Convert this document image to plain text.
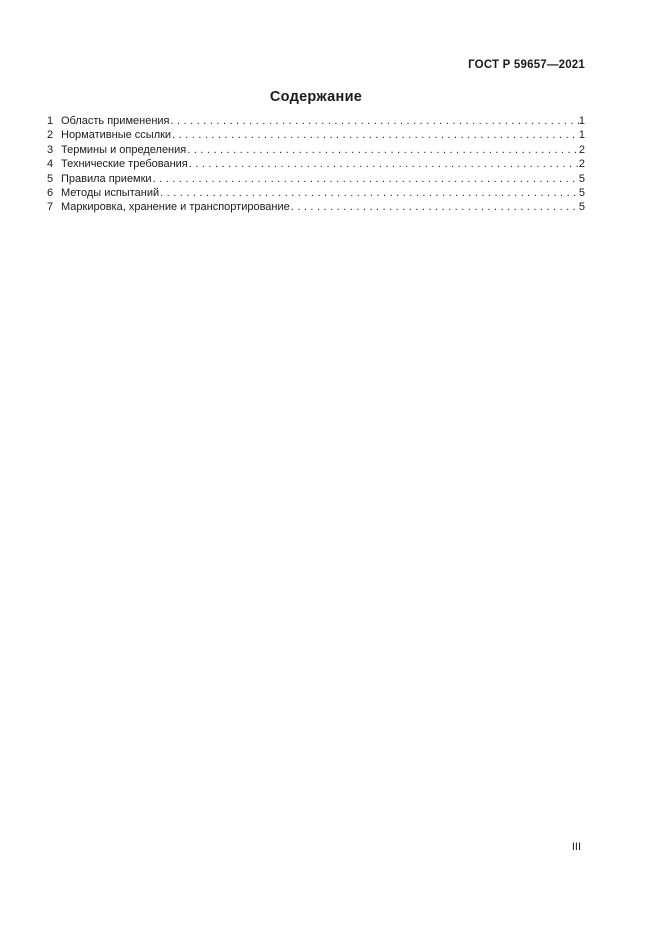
ГОСТ Р 59657—2021
Содержание
1 Область применения .....	1
2 Нормативные ссылки .....	1
3 Термины и определения .....	2
4 Технические требования .....	2
5 Правила приемки .....	5
6 Методы испытаний .....	5
7 Маркировка, хранение и транспортирование .....	5
III
